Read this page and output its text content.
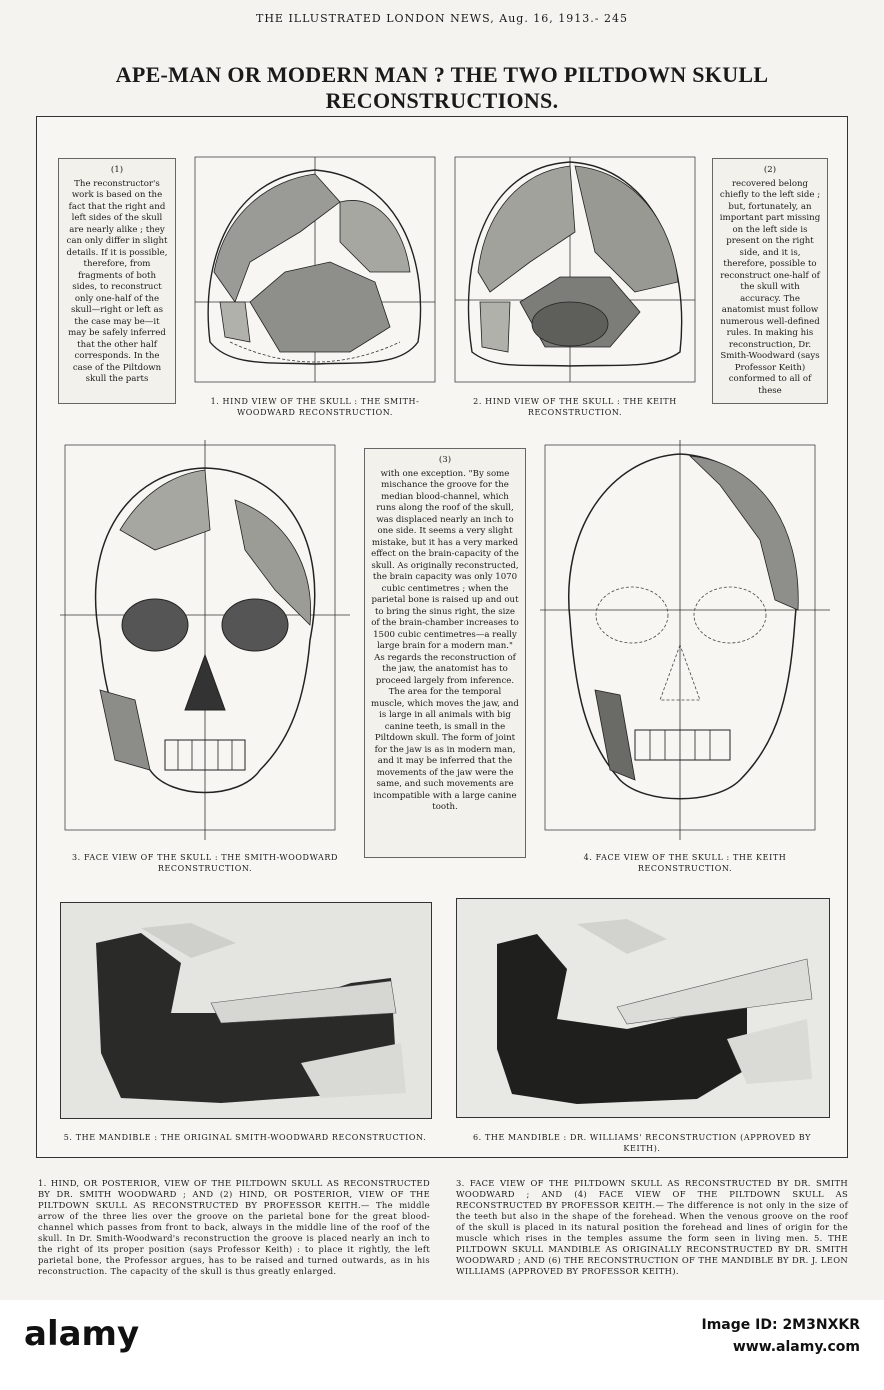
THE ILLUSTRATED LONDON NEWS, Aug. 16, 1913.- 245
APE-MAN OR MODERN MAN ? THE TWO PILTDOWN SKULL RECONSTRUCTIONS.
(1)
The reconstructor's work is based on the fact that the right and left sides of the skull are nearly alike ; they can only differ in slight details. If it is possible, therefore, from fragments of both sides, to reconstruct only one-half of the skull—right or left as the case may be—it may be safely inferred that the other half corresponds. In the case of the Piltdown skull the parts
(2)
recovered belong chiefly to the left side ; but, fortunately, an important part missing on the left side is present on the right side, and it is, therefore, possible to reconstruct one-half of the skull with accuracy. The anatomist must follow numerous well-defined rules. In making his reconstruction, Dr. Smith-Woodward (says Professor Keith) conformed to all of these
(3)
with one exception. "By some mischance the groove for the median blood-channel, which runs along the roof of the skull, was displaced nearly an inch to one side. It seems a very slight mistake, but it has a very marked effect on the brain-capacity of the skull. As originally reconstructed, the brain capacity was only 1070 cubic centimetres ; when the parietal bone is raised up and out to bring the sinus right, the size of the brain-chamber increases to 1500 cubic centimetres—a really large brain for a modern man." As regards the reconstruction of the jaw, the anatomist has to proceed largely from inference. The area for the temporal muscle, which moves the jaw, and is large in all animals with big canine teeth, is small in the Piltdown skull. The form of joint for the jaw is as in modern man, and it may be inferred that the movements of the jaw were the same, and such movements are incompatible with a large canine tooth.
1. HIND VIEW OF THE SKULL : THE SMITH-WOODWARD RECONSTRUCTION.
2. HIND VIEW OF THE SKULL : THE KEITH RECONSTRUCTION.
3. FACE VIEW OF THE SKULL : THE SMITH-WOODWARD RECONSTRUCTION.
4. FACE VIEW OF THE SKULL : THE KEITH RECONSTRUCTION.
5. THE MANDIBLE : THE ORIGINAL SMITH-WOODWARD RECONSTRUCTION.	6. THE MANDIBLE : DR. WILLIAMS' RECONSTRUCTION (APPROVED BY KEITH).
1. HIND, OR POSTERIOR, VIEW OF THE PILTDOWN SKULL AS RECONSTRUCTED BY DR. SMITH WOODWARD ; AND (2) HIND, OR POSTERIOR, VIEW OF THE PILTDOWN SKULL AS RECONSTRUCTED BY PROFESSOR KEITH.— The middle arrow of the three lies over the groove on the parietal bone for the great blood-channel which passes from front to back, always in the middle line of the roof of the skull. In Dr. Smith-Woodward's reconstruction the groove is placed nearly an inch to the right of its proper position (says Professor Keith) : to place it rightly, the left parietal bone, the Professor argues, has to be raised and turned outwards, as in his reconstruction. The capacity of the skull is thus greatly enlarged.
3. FACE VIEW OF THE PILTDOWN SKULL AS RECONSTRUCTED BY DR. SMITH WOODWARD ; AND (4) FACE VIEW OF THE PILTDOWN SKULL AS RECONSTRUCTED BY PROFESSOR KEITH.— The difference is not only in the size of the teeth but also in the shape of the forehead. When the venous groove on the roof of the skull is placed in its natural position the forehead and lines of origin for the muscle which rises in the temples assume the form seen in living men. 5. THE PILTDOWN SKULL MANDIBLE AS ORIGINALLY RECONSTRUCTED BY DR. SMITH WOODWARD ; AND (6) THE RECONSTRUCTION OF THE MANDIBLE BY DR. J. LEON WILLIAMS (APPROVED BY PROFESSOR KEITH).
alamy	Image ID: 2M3NXKR
www.alamy.com
